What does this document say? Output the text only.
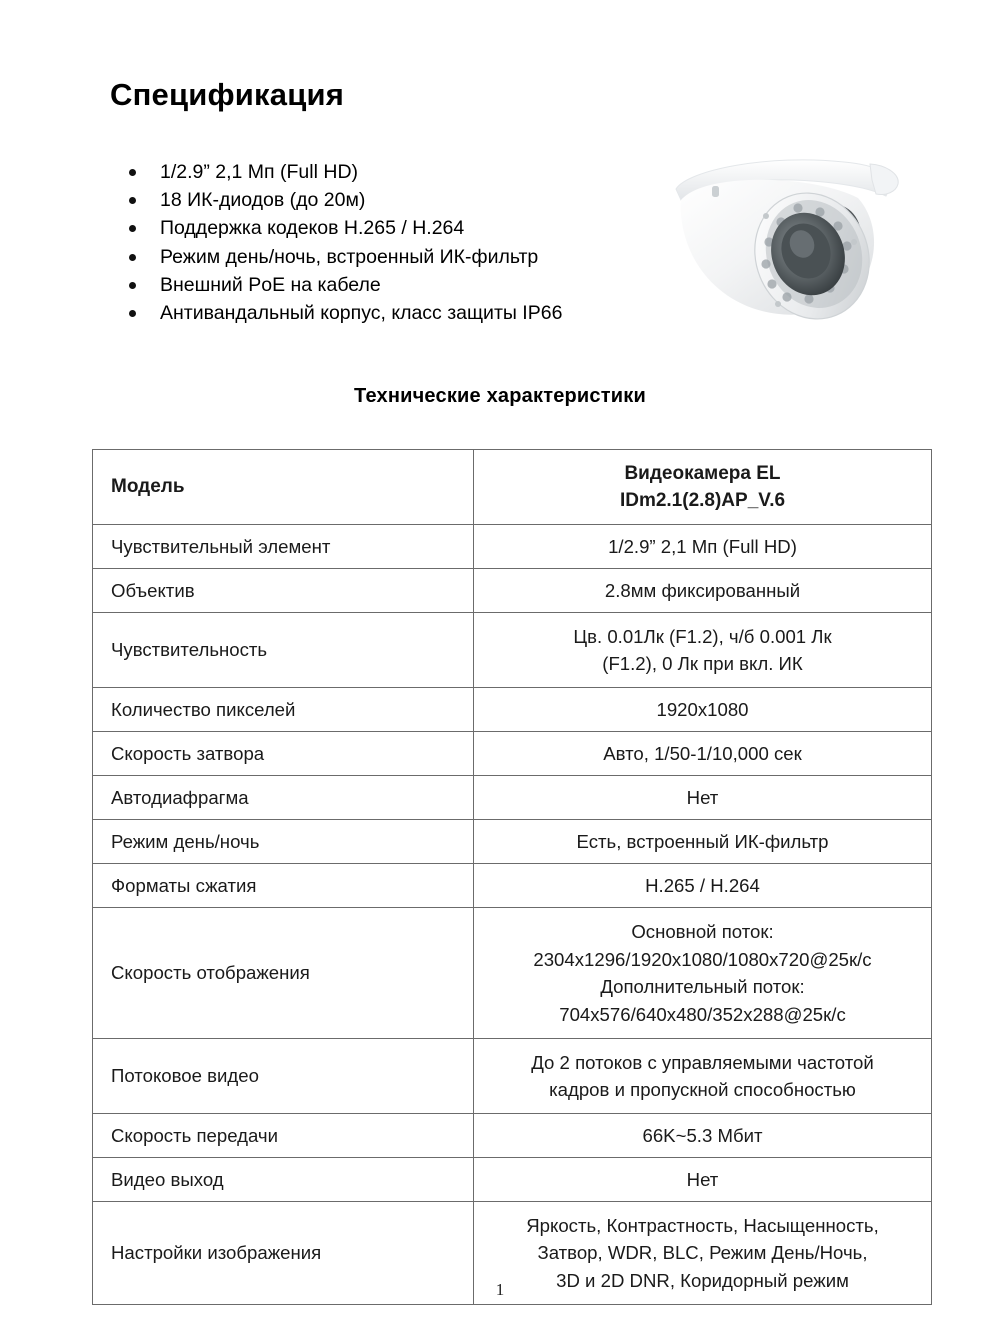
Спецификация
1/2.9” 2,1 Мп (Full HD)
18 ИК-диодов (до 20м)
Поддержка кодеков H.265 / H.264
Режим день/ночь, встроенный ИК-фильтр
Внешний PoE на кабеле
Антивандальный корпус, класс защиты IP66
Технические характеристики
Модель	Видеокамера EL
IDm2.1(2.8)AP_V.6

Чувствительный элемент	1/2.9” 2,1 Мп (Full HD)

Объектив	2.8мм фиксированный

Чувствительность	Цв. 0.01Лк (F1.2), ч/б 0.001 Лк
(F1.2), 0 Лк при вкл. ИК

Количество пикселей	1920x1080

Скорость затвора	Авто, 1/50-1/10,000 сек

Автодиафрагма	Нет

Режим день/ночь	Есть, встроенный ИК-фильтр

Форматы сжатия	H.265 / H.264

Скорость отображения	Основной поток:
2304x1296/1920x1080/1080x720@25к/с
Дополнительный поток:
704x576/640x480/352x288@25к/с

Потоковое видео	До 2 потоков с управляемыми частотой
кадров и пропускной способностью

Скорость передачи	66K~5.3 Мбит

Видео выход	Нет

Настройки изображения	Яркость, Контрастность, Насыщенность,
Затвор, WDR, BLC, Режим День/Ночь,
3D и 2D DNR, Коридорный режим
1
